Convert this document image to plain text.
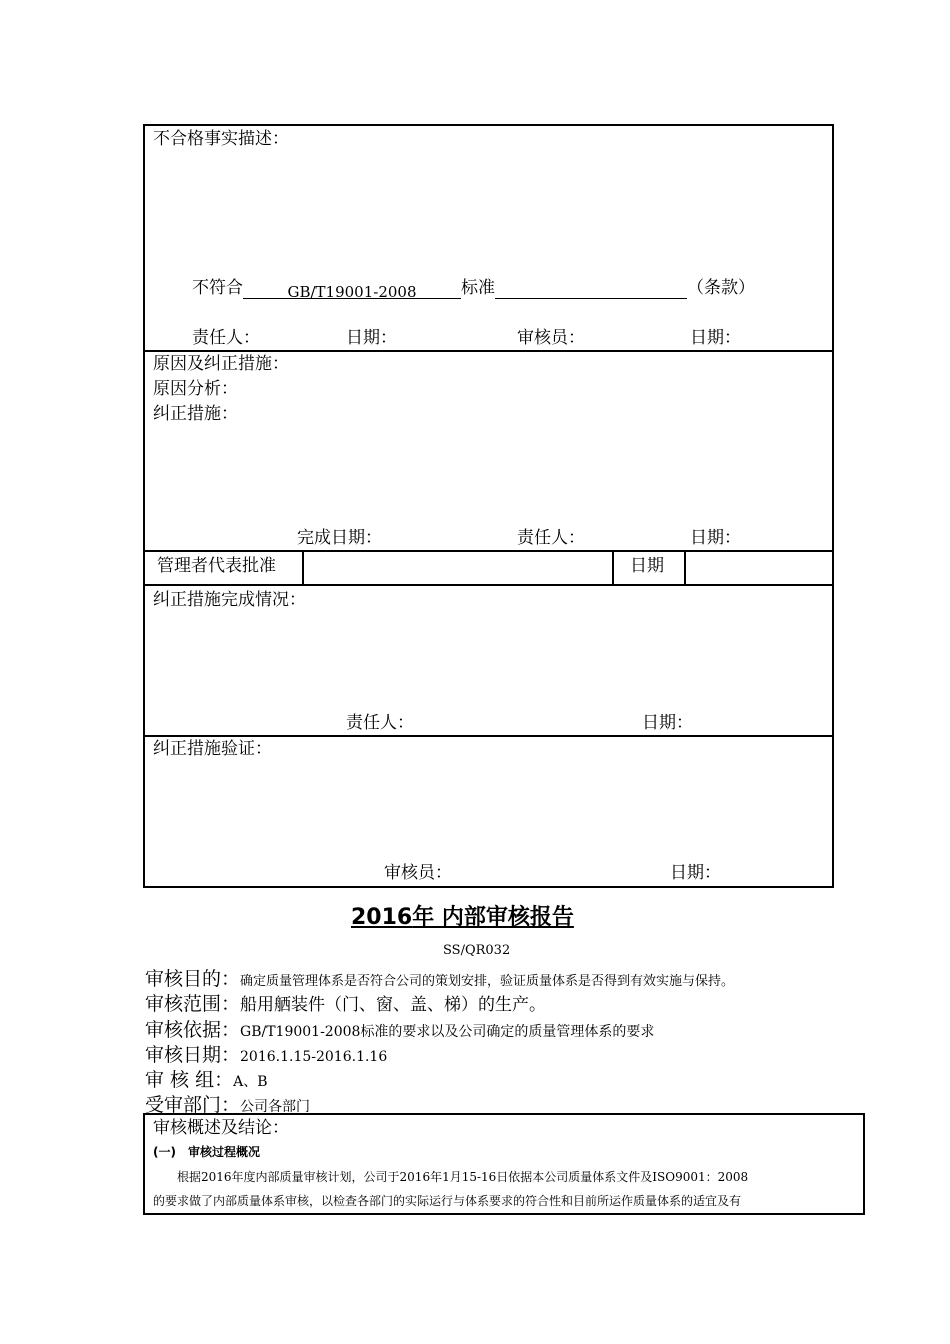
不合格事实描述：
不符合	GB/T19001-2008	标准	（条款）
责任人：	日期：	审核员：	日期：
原因及纠正措施：
原因分析：
纠正措施：
完成日期：	责任人：	日期：
管理者代表批准	日期
纠正措施完成情况：
责任人：	日期：
纠正措施验证：
审核员：	日期：
2016年 内部审核报告
SS/QR032
审核目的：确定质量管理体系是否符合公司的策划安排，验证质量体系是否得到有效实施与保持。
审核范围：船用舾装件（门、窗、盖、梯）的生产。
审核依据：GB/T19001-2008标准的要求以及公司确定的质量管理体系的要求
审核日期：2016.1.15-2016.1.16
审 核 组：A、B
受审部门：公司各部门
审核概述及结论：
(一)　审核过程概况
根据2016年度内部质量审核计划，公司于2016年1月15-16日依据本公司质量体系文件及ISO9001：2008
的要求做了内部质量体系审核，以检查各部门的实际运行与体系要求的符合性和目前所运作质量体系的适宜及有
